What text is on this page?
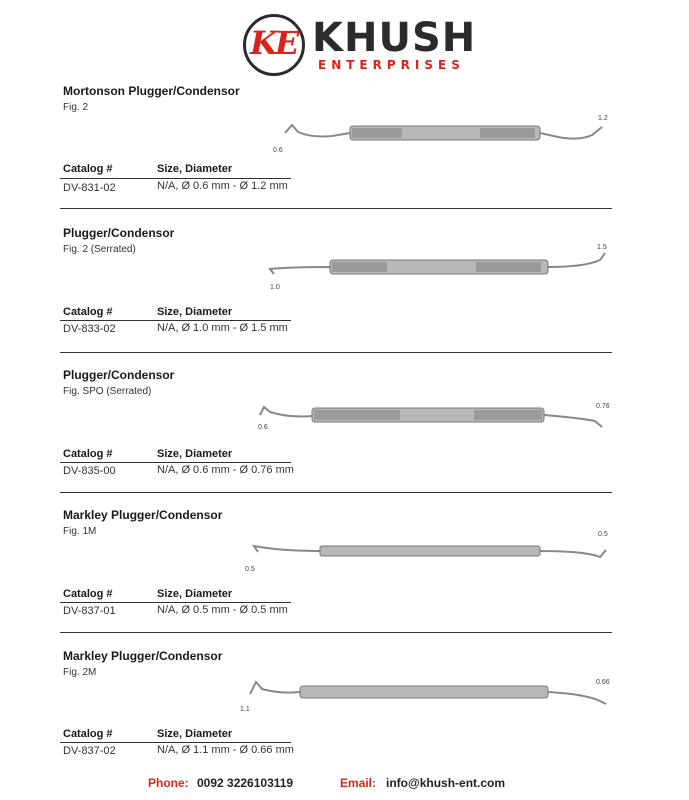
KE KHUSH
ENTERPRISES
Mortonson Plugger/Condensor
Fig. 2
0.6
1.2
Catalog #	Size, Diameter
DV-831-02	N/A, Ø 0.6 mm - Ø 1.2 mm
Plugger/Condensor
Fig. 2 (Serrated)
1.0
1.5
Catalog #	Size, Diameter
DV-833-02	N/A, Ø 1.0 mm - Ø 1.5 mm
Plugger/Condensor
Fig. SPO (Serrated)
0.6
0.76
Catalog #	Size, Diameter
DV-835-00	N/A, Ø 0.6 mm - Ø 0.76 mm
Markley Plugger/Condensor
Fig. 1M
0.5
0.5
Catalog #	Size, Diameter
DV-837-01	N/A, Ø 0.5 mm - Ø 0.5 mm
Markley Plugger/Condensor
Fig. 2M
1.1
0.66
Catalog #	Size, Diameter
DV-837-02	N/A, Ø 1.1 mm - Ø 0.66 mm
Phone: 0092 3226103119	Email: info@khush-ent.com
